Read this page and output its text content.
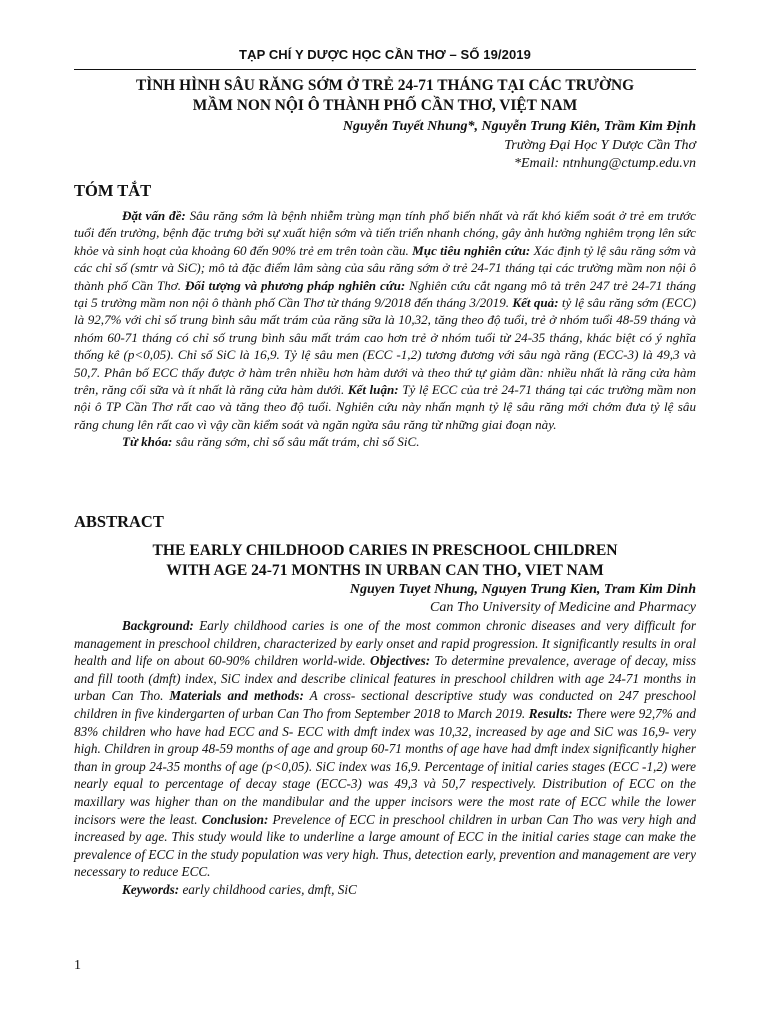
TẠP CHÍ Y DƯỢC HỌC CẦN THƠ – SỐ 19/2019
TÌNH HÌNH SÂU RĂNG SỚM Ở TRẺ 24-71 THÁNG TẠI CÁC TRƯỜNG
MẦM NON NỘI Ô THÀNH PHỐ CẦN THƠ, VIỆT NAM
Nguyễn Tuyết Nhung*, Nguyễn Trung Kiên, Trầm Kim Định
Trường Đại Học Y Dược Cần Thơ
*Email: ntnhung@ctump.edu.vn
TÓM TẮT

Đặt vấn đề: Sâu răng sớm là bệnh nhiễm trùng mạn tính phổ biến nhất và rất khó kiểm soát ở trẻ em trước tuổi đến trường, bệnh đặc trưng bởi sự xuất hiện sớm và tiến triển nhanh chóng, gây ảnh hưởng nghiêm trọng lên sức khỏe và sinh hoạt của khoảng 60 đến 90% trẻ em trên toàn cầu. Mục tiêu nghiên cứu: Xác định tỷ lệ sâu răng sớm và các chỉ số (smtr và SiC); mô tả đặc điểm lâm sàng của sâu răng sớm ở trẻ 24-71 tháng tại các trường mầm non nội ô thành phố Cần Thơ. Đối tượng và phương pháp nghiên cứu: Nghiên cứu cắt ngang mô tả trên 247 trẻ 24-71 tháng tại 5 trường mầm non nội ô thành phố Cần Thơ từ tháng 9/2018 đến tháng 3/2019. Kết quả: tỷ lệ sâu răng sớm (ECC) là 92,7% với chỉ số trung bình sâu mất trám của răng sữa là 10,32, tăng theo độ tuổi, trẻ ở nhóm tuổi 48-59 tháng và nhóm 60-71 tháng có chỉ số trung bình sâu mất trám cao hơn trẻ ở nhóm tuổi từ 24-35 tháng, khác biệt có ý nghĩa thống kê (p<0,05). Chỉ số SiC là 16,9. Tỷ lệ sâu men (ECC -1,2) tương đương với sâu ngà răng (ECC-3) là 49,3 và 50,7. Phân bố ECC thấy được ở hàm trên nhiều hơn hàm dưới và theo thứ tự giảm dần: nhiều nhất là răng cửa hàm trên, răng cối sữa và ít nhất là răng cửa hàm dưới. Kết luận: Tỷ lệ ECC của trẻ 24-71 tháng tại các trường mầm non nội ô TP Cần Thơ rất cao và tăng theo độ tuổi. Nghiên cứu này nhấn mạnh tỷ lệ sâu răng mới chớm đưa tỷ lệ sâu răng chung lên rất cao vì vậy cần kiểm soát và ngăn ngừa sâu răng từ những giai đoạn này.

Từ khóa: sâu răng sớm, chỉ số sâu mất trám, chỉ số SiC.

ABSTRACT
THE EARLY CHILDHOOD CARIES IN PRESCHOOL CHILDREN
WITH AGE 24-71 MONTHS IN URBAN CAN THO, VIET NAM
Nguyen Tuyet Nhung, Nguyen Trung Kien, Tram Kim Dinh
Can Tho University of Medicine and Pharmacy

Background: Early childhood caries is one of the most common chronic diseases and very difficult for management in preschool children, characterized by early onset and rapid progression. It significantly results in oral health and life on about 60-90% children world-wide. Objectives: To determine prevalence, average of decay, miss and fill tooth (dmft) index, SiC index and describe clinical features in preschool children with age 24-71 months in urban Can Tho. Materials and methods: A cross- sectional descriptive study was conducted on 247 preschool children in five kindergarten of urban Can Tho from September 2018 to March 2019. Results: There were 92,7% and 83% children who have had ECC and S- ECC with dmft index was 10,32, increased by age and SiC was 16,9- very high. Children in group 48-59 months of age and group 60-71 months of age have had dmft index significantly higher than in group 24-35 months of age (p<0,05). SiC index was 16,9. Percentage of initial caries stages (ECC -1,2) were nearly equal to percentage of decay stage (ECC-3) was 49,3 và 50,7 respectively. Distribution of ECC on the maxillary was higher than on the mandibular and the upper incisors were the most rate of ECC while the lower incisors were the least. Conclusion: Prevelence of ECC in preschool children in urban Can Tho was very high and increased by age. This study would like to underline a large amount of ECC in the initial caries stage can make the prevalence of ECC in the study population was very high. Thus, detection early, prevention and management are very necessary to reduce ECC.

Keywords: early childhood caries, dmft, SiC

1
